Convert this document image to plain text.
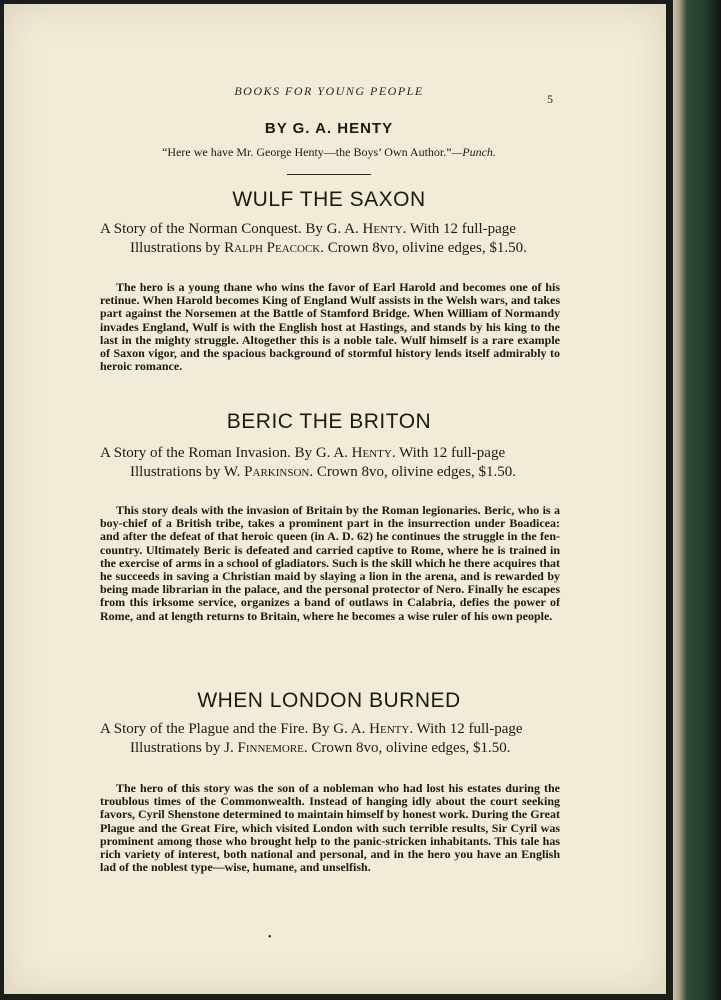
BOOKS FOR YOUNG PEOPLE
5
BY G. A. HENTY
“Here we have Mr. George Henty—the Boys’ Own Author.”—Punch.
WULF THE SAXON
A Story of the Norman Conquest. By G. A. Henty. With 12 full-page Illustrations by Ralph Peacock. Crown 8vo, olivine edges, $1.50.
The hero is a young thane who wins the favor of Earl Harold and becomes one of his retinue. When Harold becomes King of England Wulf assists in the Welsh wars, and takes part against the Norsemen at the Battle of Stamford Bridge. When William of Normandy invades England, Wulf is with the English host at Hastings, and stands by his king to the last in the mighty struggle. Altogether this is a noble tale. Wulf himself is a rare example of Saxon vigor, and the spacious background of stormful history lends itself admirably to heroic romance.
BERIC THE BRITON
A Story of the Roman Invasion. By G. A. Henty. With 12 full-page Illustrations by W. Parkinson. Crown 8vo, olivine edges, $1.50.
This story deals with the invasion of Britain by the Roman legionaries. Beric, who is a boy-chief of a British tribe, takes a prominent part in the insurrection under Boadicea: and after the defeat of that heroic queen (in A. D. 62) he continues the struggle in the fen-country. Ultimately Beric is defeated and carried captive to Rome, where he is trained in the exercise of arms in a school of gladiators. Such is the skill which he there acquires that he succeeds in saving a Christian maid by slaying a lion in the arena, and is rewarded by being made librarian in the palace, and the personal protector of Nero. Finally he escapes from this irksome service, organizes a band of outlaws in Calabria, defies the power of Rome, and at length returns to Britain, where he becomes a wise ruler of his own people.
WHEN LONDON BURNED
A Story of the Plague and the Fire. By G. A. Henty. With 12 full-page Illustrations by J. Finnemore. Crown 8vo, olivine edges, $1.50.
The hero of this story was the son of a nobleman who had lost his estates during the troublous times of the Commonwealth. Instead of hanging idly about the court seeking favors, Cyril Shenstone determined to maintain himself by honest work. During the Great Plague and the Great Fire, which visited London with such terrible results, Sir Cyril was prominent among those who brought help to the panic-stricken inhabitants. This tale has rich variety of interest, both national and personal, and in the hero you have an English lad of the noblest type—wise, humane, and unselfish.
•
